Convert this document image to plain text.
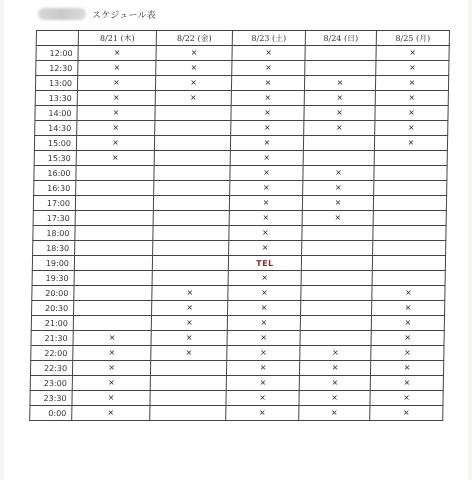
スケジュール表
	8/21 (木)	8/22 (金)	8/23 (土)	8/24 (日)	8/25 (月)
12:00	×	×	×		×
12:30	×	×	×		×
13:00	×	×	×	×	×
13:30	×	×	×	×	×
14:00	×		×	×	×
14:30	×		×	×	×
15:00	×		×		×
15:30	×		×		
16:00			×	×	
16:30			×	×	
17:00			×	×	
17:30			×	×	
18:00			×		
18:30			×		
19:00			TEL		
19:30			×		
20:00		×	×		×
20:30		×	×		×
21:00		×	×		×
21:30	×	×	×		×
22:00	×	×	×	×	×
22:30	×		×	×	×
23:00	×		×	×	×
23:30	×		×	×	×
0:00	×		×	×	×
